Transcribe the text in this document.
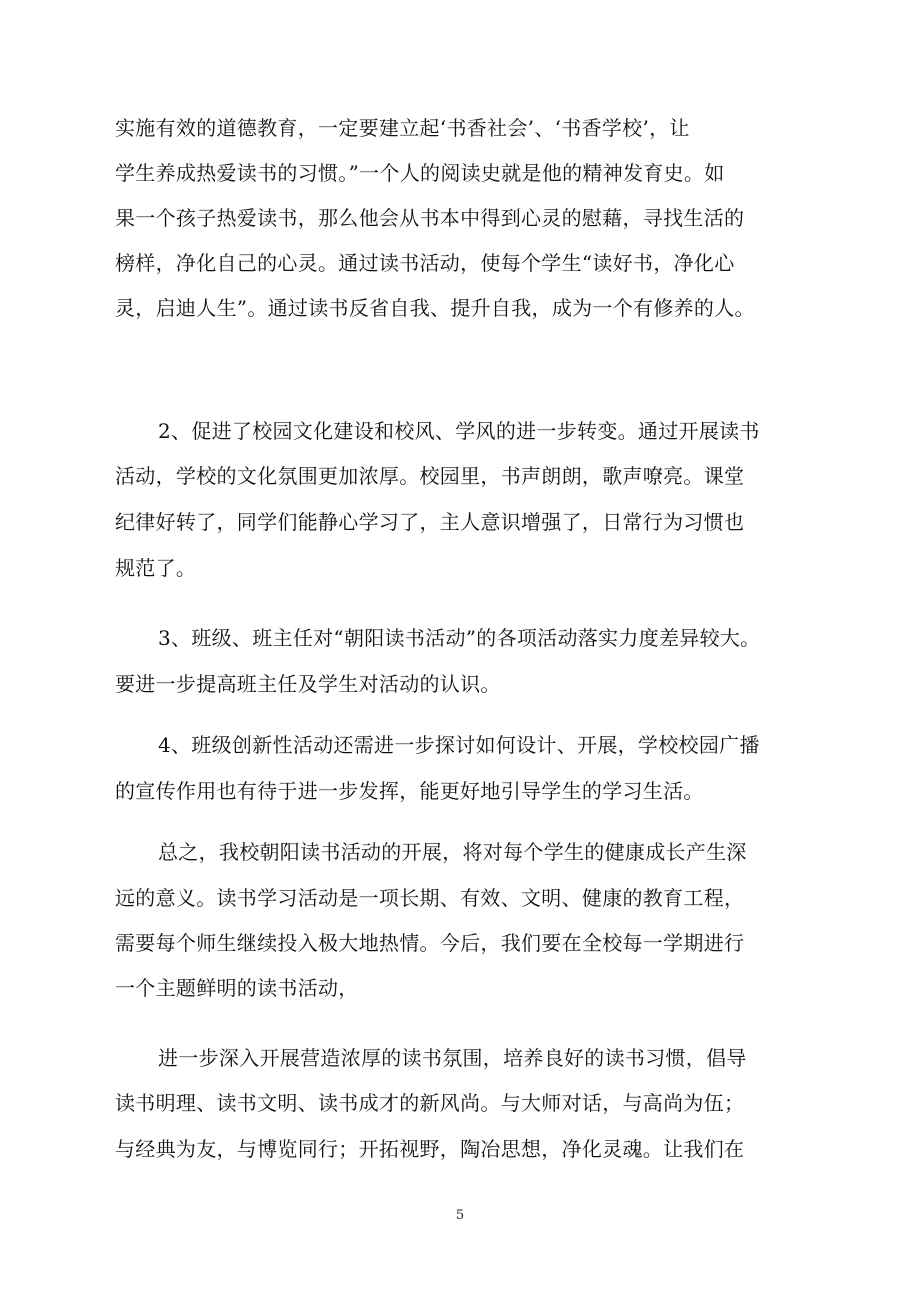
实施有效的道德教育，一定要建立起‘书香社会’、‘书香学校’，让
学生养成热爱读书的习惯。”一个人的阅读史就是他的精神发育史。如
果一个孩子热爱读书，那么他会从书本中得到心灵的慰藉，寻找生活的
榜样，净化自己的心灵。通过读书活动，使每个学生“读好书，净化心
灵，启迪人生”。通过读书反省自我、提升自我，成为一个有修养的人。
2、促进了校园文化建设和校风、学风的进一步转变。通过开展读书
活动，学校的文化氛围更加浓厚。校园里，书声朗朗，歌声嘹亮。课堂
纪律好转了，同学们能静心学习了，主人意识增强了，日常行为习惯也
规范了。
3、班级、班主任对“朝阳读书活动”的各项活动落实力度差异较大。
要进一步提高班主任及学生对活动的认识。
4、班级创新性活动还需进一步探讨如何设计、开展，学校校园广播
的宣传作用也有待于进一步发挥，能更好地引导学生的学习生活。
总之，我校朝阳读书活动的开展，将对每个学生的健康成长产生深
远的意义。读书学习活动是一项长期、有效、文明、健康的教育工程，
需要每个师生继续投入极大地热情。今后，我们要在全校每一学期进行
一个主题鲜明的读书活动，
进一步深入开展营造浓厚的读书氛围，培养良好的读书习惯，倡导
读书明理、读书文明、读书成才的新风尚。与大师对话，与高尚为伍；
与经典为友，与博览同行；开拓视野，陶冶思想，净化灵魂。让我们在
5
